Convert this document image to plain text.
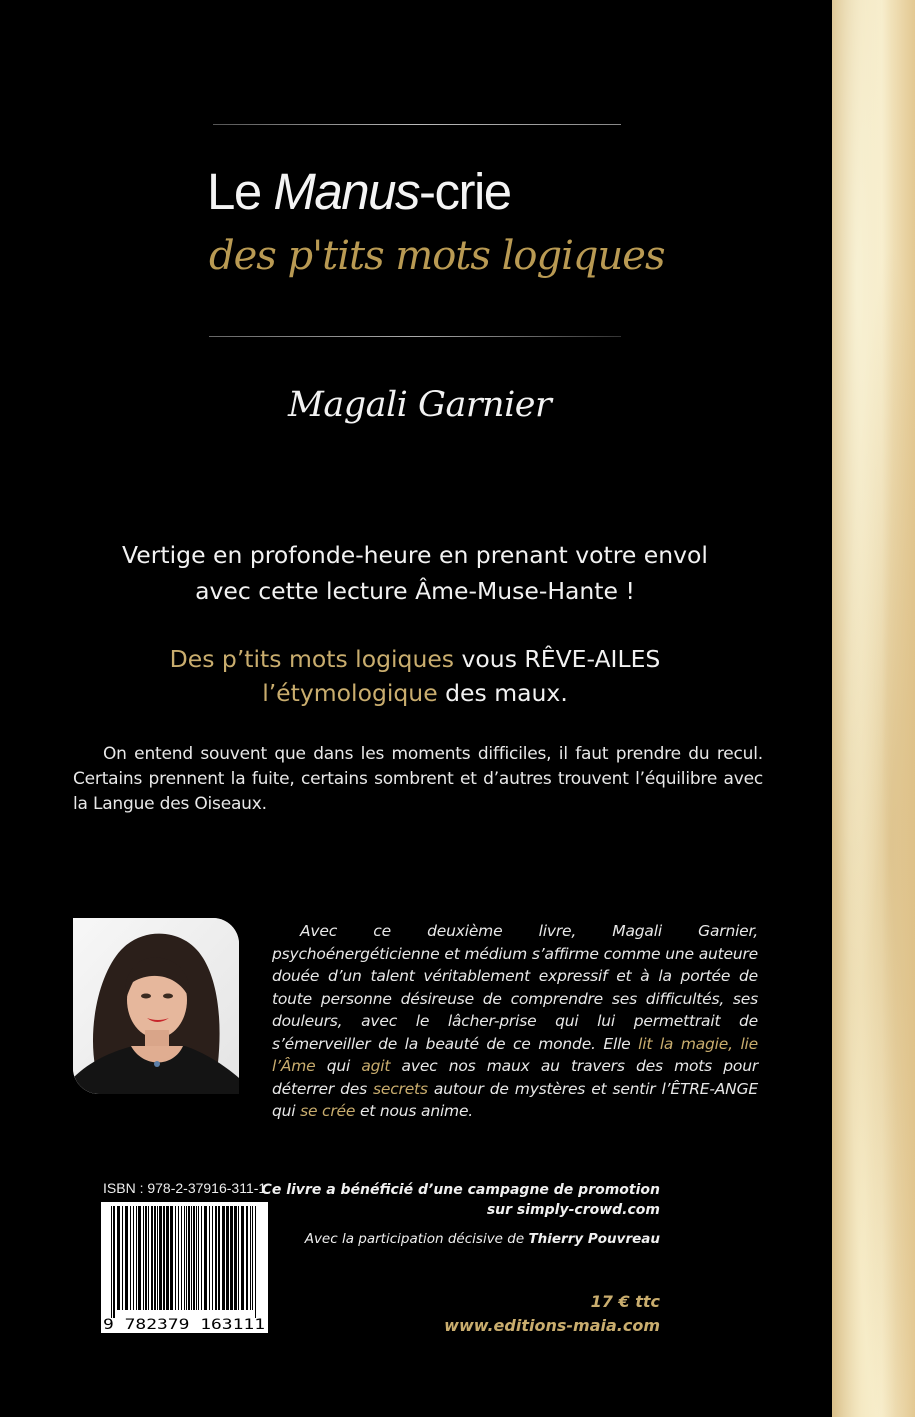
Le Manus-crie
des p'tits mots logiques
Magali Garnier
Vertige en profonde-heure en prenant votre envol
avec cette lecture Âme-Muse-Hante !
Des p’tits mots logiques vous RÊVE-AILES
l’étymologique des maux.
On entend souvent que dans les moments difficiles, il faut prendre du recul. Certains prennent la fuite, certains sombrent et d’autres trouvent l’équilibre avec la Langue des Oiseaux.
Avec ce deuxième livre, Magali Garnier, psychoénergéticienne et médium s’affirme comme une auteure douée d’un talent véritablement expressif et à la portée de toute personne désireuse de comprendre ses difficultés, ses douleurs, avec le lâcher-prise qui lui permettrait de s’émerveiller de la beauté de ce monde. Elle lit la magie, lie l’Âme qui agit avec nos maux au travers des mots pour déterrer des secrets autour de mystères et sentir l’ÊTRE-ANGE qui se crée et nous anime.
ISBN : 978-2-37916-311-1
9 782379 163111
Ce livre a bénéficié d’une campagne de promotion
sur simply-crowd.com
Avec la participation décisive de Thierry Pouvreau
17 € ttc
www.editions-maia.com
